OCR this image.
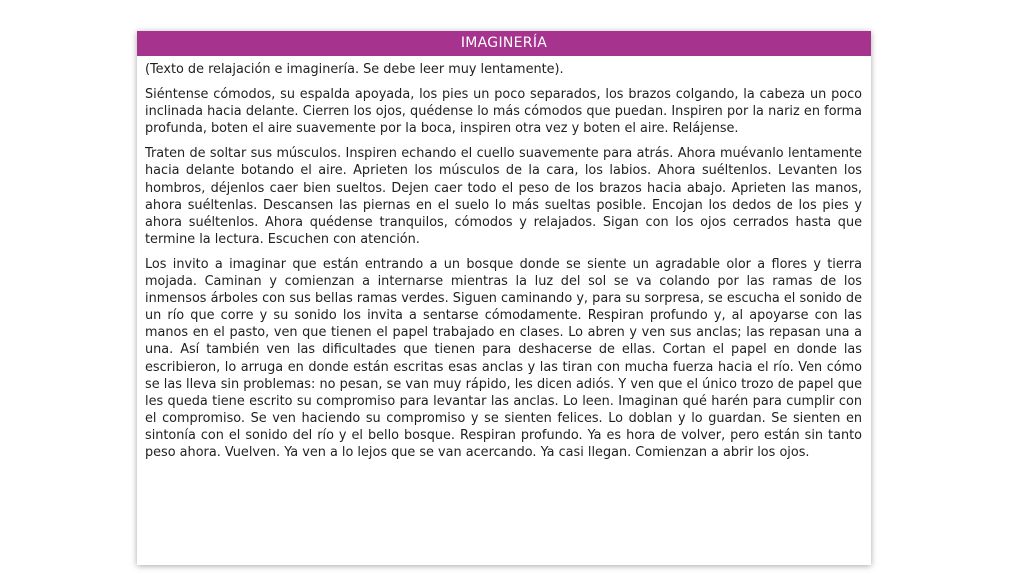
IMAGINERÍA

(Texto de relajación e imaginería. Se debe leer muy lentamente).

Siéntense cómodos, su espalda apoyada, los pies un poco separados, los brazos colgando, la cabeza un poco inclinada hacia delante. Cierren los ojos, quédense lo más cómodos que puedan. Inspiren por la nariz en forma profunda, boten el aire suavemente por la boca, inspiren otra vez y boten el aire. Relájense.

Traten de soltar sus músculos. Inspiren echando el cuello suavemente para atrás. Ahora muévanlo lentamente hacia delante botando el aire. Aprieten los músculos de la cara, los labios. Ahora suéltenlos. Levanten los hombros, déjenlos caer bien sueltos. Dejen caer todo el peso de los brazos hacia abajo. Aprieten las manos, ahora suéltenlas. Descansen las piernas en el suelo lo más sueltas posible. Encojan los dedos de los pies y ahora suéltenlos. Ahora quédense tranquilos, cómodos y relajados. Sigan con los ojos cerrados hasta que termine la lectura. Escuchen con atención.

Los invito a imaginar que están entrando a un bosque donde se siente un agradable olor a flores y tierra mojada. Caminan y comienzan a internarse mientras la luz del sol se va colando por las ramas de los inmensos árboles con sus bellas ramas verdes. Siguen caminando y, para su sorpresa, se escucha el sonido de un río que corre y su sonido los invita a sentarse cómodamente. Respiran profundo y, al apoyarse con las manos en el pasto, ven que tienen el papel trabajado en clases. Lo abren y ven sus anclas; las repasan una a una. Así también ven las dificultades que tienen para deshacerse de ellas. Cortan el papel en donde las escribieron, lo arruga en donde están escritas esas anclas y las tiran con mucha fuerza hacia el río. Ven cómo se las lleva sin problemas: no pesan, se van muy rápido, les dicen adiós. Y ven que el único trozo de papel que les queda tiene escrito su compromiso para levantar las anclas. Lo leen. Imaginan qué harén para cumplir con el compromiso. Se ven haciendo su compromiso y se sienten felices. Lo doblan y lo guardan. Se sienten en sintonía con el sonido del río y el bello bosque. Respiran profundo. Ya es hora de volver, pero están sin tanto peso ahora. Vuelven. Ya ven a lo lejos que se van acercando. Ya casi llegan. Comienzan a abrir los ojos.
